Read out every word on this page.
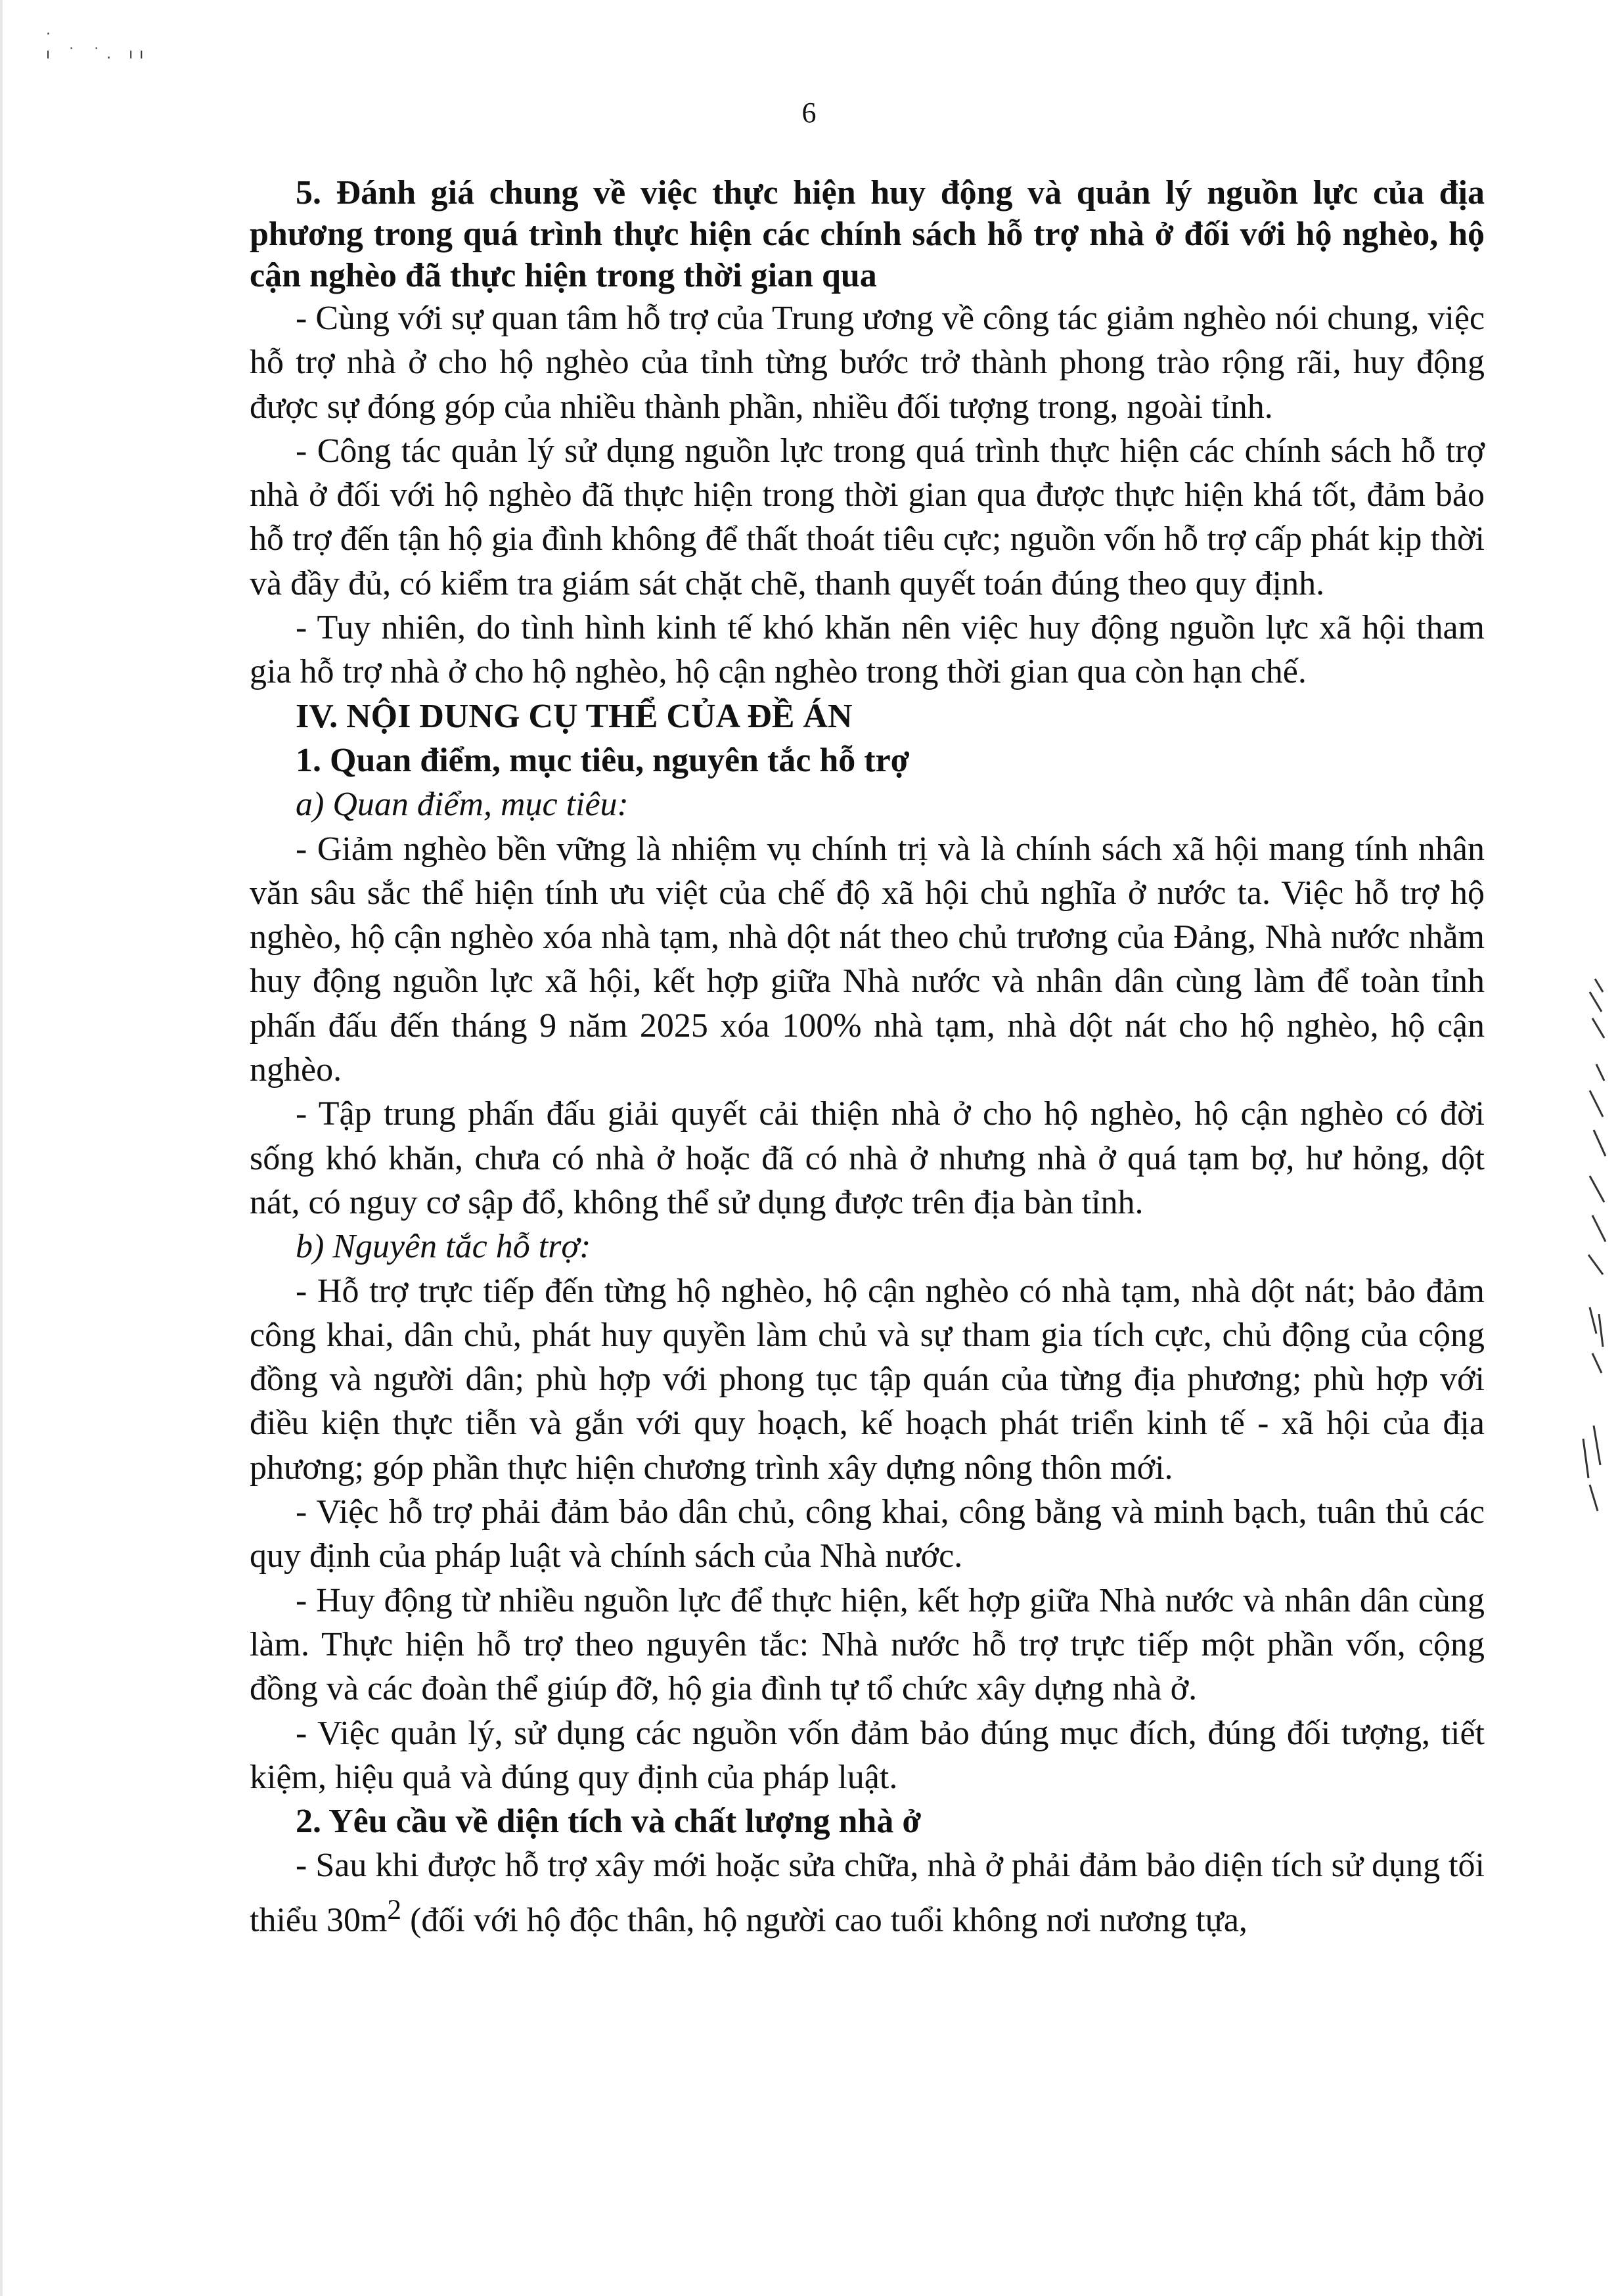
·
ı ˙ ˙. ıı
6

5. Đánh giá chung về việc thực hiện huy động và quản lý nguồn lực của địa phương trong quá trình thực hiện các chính sách hỗ trợ nhà ở đối với hộ nghèo, hộ cận nghèo đã thực hiện trong thời gian qua

- Cùng với sự quan tâm hỗ trợ của Trung ương về công tác giảm nghèo nói chung, việc hỗ trợ nhà ở cho hộ nghèo của tỉnh từng bước trở thành phong trào rộng rãi, huy động được sự đóng góp của nhiều thành phần, nhiều đối tượng trong, ngoài tỉnh.

- Công tác quản lý sử dụng nguồn lực trong quá trình thực hiện các chính sách hỗ trợ nhà ở đối với hộ nghèo đã thực hiện trong thời gian qua được thực hiện khá tốt, đảm bảo hỗ trợ đến tận hộ gia đình không để thất thoát tiêu cực; nguồn vốn hỗ trợ cấp phát kịp thời và đầy đủ, có kiểm tra giám sát chặt chẽ, thanh quyết toán đúng theo quy định.

- Tuy nhiên, do tình hình kinh tế khó khăn nên việc huy động nguồn lực xã hội tham gia hỗ trợ nhà ở cho hộ nghèo, hộ cận nghèo trong thời gian qua còn hạn chế.

IV. NỘI DUNG CỤ THỂ CỦA ĐỀ ÁN

1. Quan điểm, mục tiêu, nguyên tắc hỗ trợ

a) Quan điểm, mục tiêu:

- Giảm nghèo bền vững là nhiệm vụ chính trị và là chính sách xã hội mang tính nhân văn sâu sắc thể hiện tính ưu việt của chế độ xã hội chủ nghĩa ở nước ta. Việc hỗ trợ hộ nghèo, hộ cận nghèo xóa nhà tạm, nhà dột nát theo chủ trương của Đảng, Nhà nước nhằm huy động nguồn lực xã hội, kết hợp giữa Nhà nước và nhân dân cùng làm để toàn tỉnh phấn đấu đến tháng 9 năm 2025 xóa 100% nhà tạm, nhà dột nát cho hộ nghèo, hộ cận nghèo.

- Tập trung phấn đấu giải quyết cải thiện nhà ở cho hộ nghèo, hộ cận nghèo có đời sống khó khăn, chưa có nhà ở hoặc đã có nhà ở nhưng nhà ở quá tạm bợ, hư hỏng, dột nát, có nguy cơ sập đổ, không thể sử dụng được trên địa bàn tỉnh.

b) Nguyên tắc hỗ trợ:

- Hỗ trợ trực tiếp đến từng hộ nghèo, hộ cận nghèo có nhà tạm, nhà dột nát; bảo đảm công khai, dân chủ, phát huy quyền làm chủ và sự tham gia tích cực, chủ động của cộng đồng và người dân; phù hợp với phong tục tập quán của từng địa phương; phù hợp với điều kiện thực tiễn và gắn với quy hoạch, kế hoạch phát triển kinh tế - xã hội của địa phương; góp phần thực hiện chương trình xây dựng nông thôn mới.

- Việc hỗ trợ phải đảm bảo dân chủ, công khai, công bằng và minh bạch, tuân thủ các quy định của pháp luật và chính sách của Nhà nước.

- Huy động từ nhiều nguồn lực để thực hiện, kết hợp giữa Nhà nước và nhân dân cùng làm. Thực hiện hỗ trợ theo nguyên tắc: Nhà nước hỗ trợ trực tiếp một phần vốn, cộng đồng và các đoàn thể giúp đỡ, hộ gia đình tự tổ chức xây dựng nhà ở.

- Việc quản lý, sử dụng các nguồn vốn đảm bảo đúng mục đích, đúng đối tượng, tiết kiệm, hiệu quả và đúng quy định của pháp luật.

2. Yêu cầu về diện tích và chất lượng nhà ở

- Sau khi được hỗ trợ xây mới hoặc sửa chữa, nhà ở phải đảm bảo diện tích sử dụng tối thiểu $30m^2$ (đối với hộ độc thân, hộ người cao tuổi không nơi nương tựa,
